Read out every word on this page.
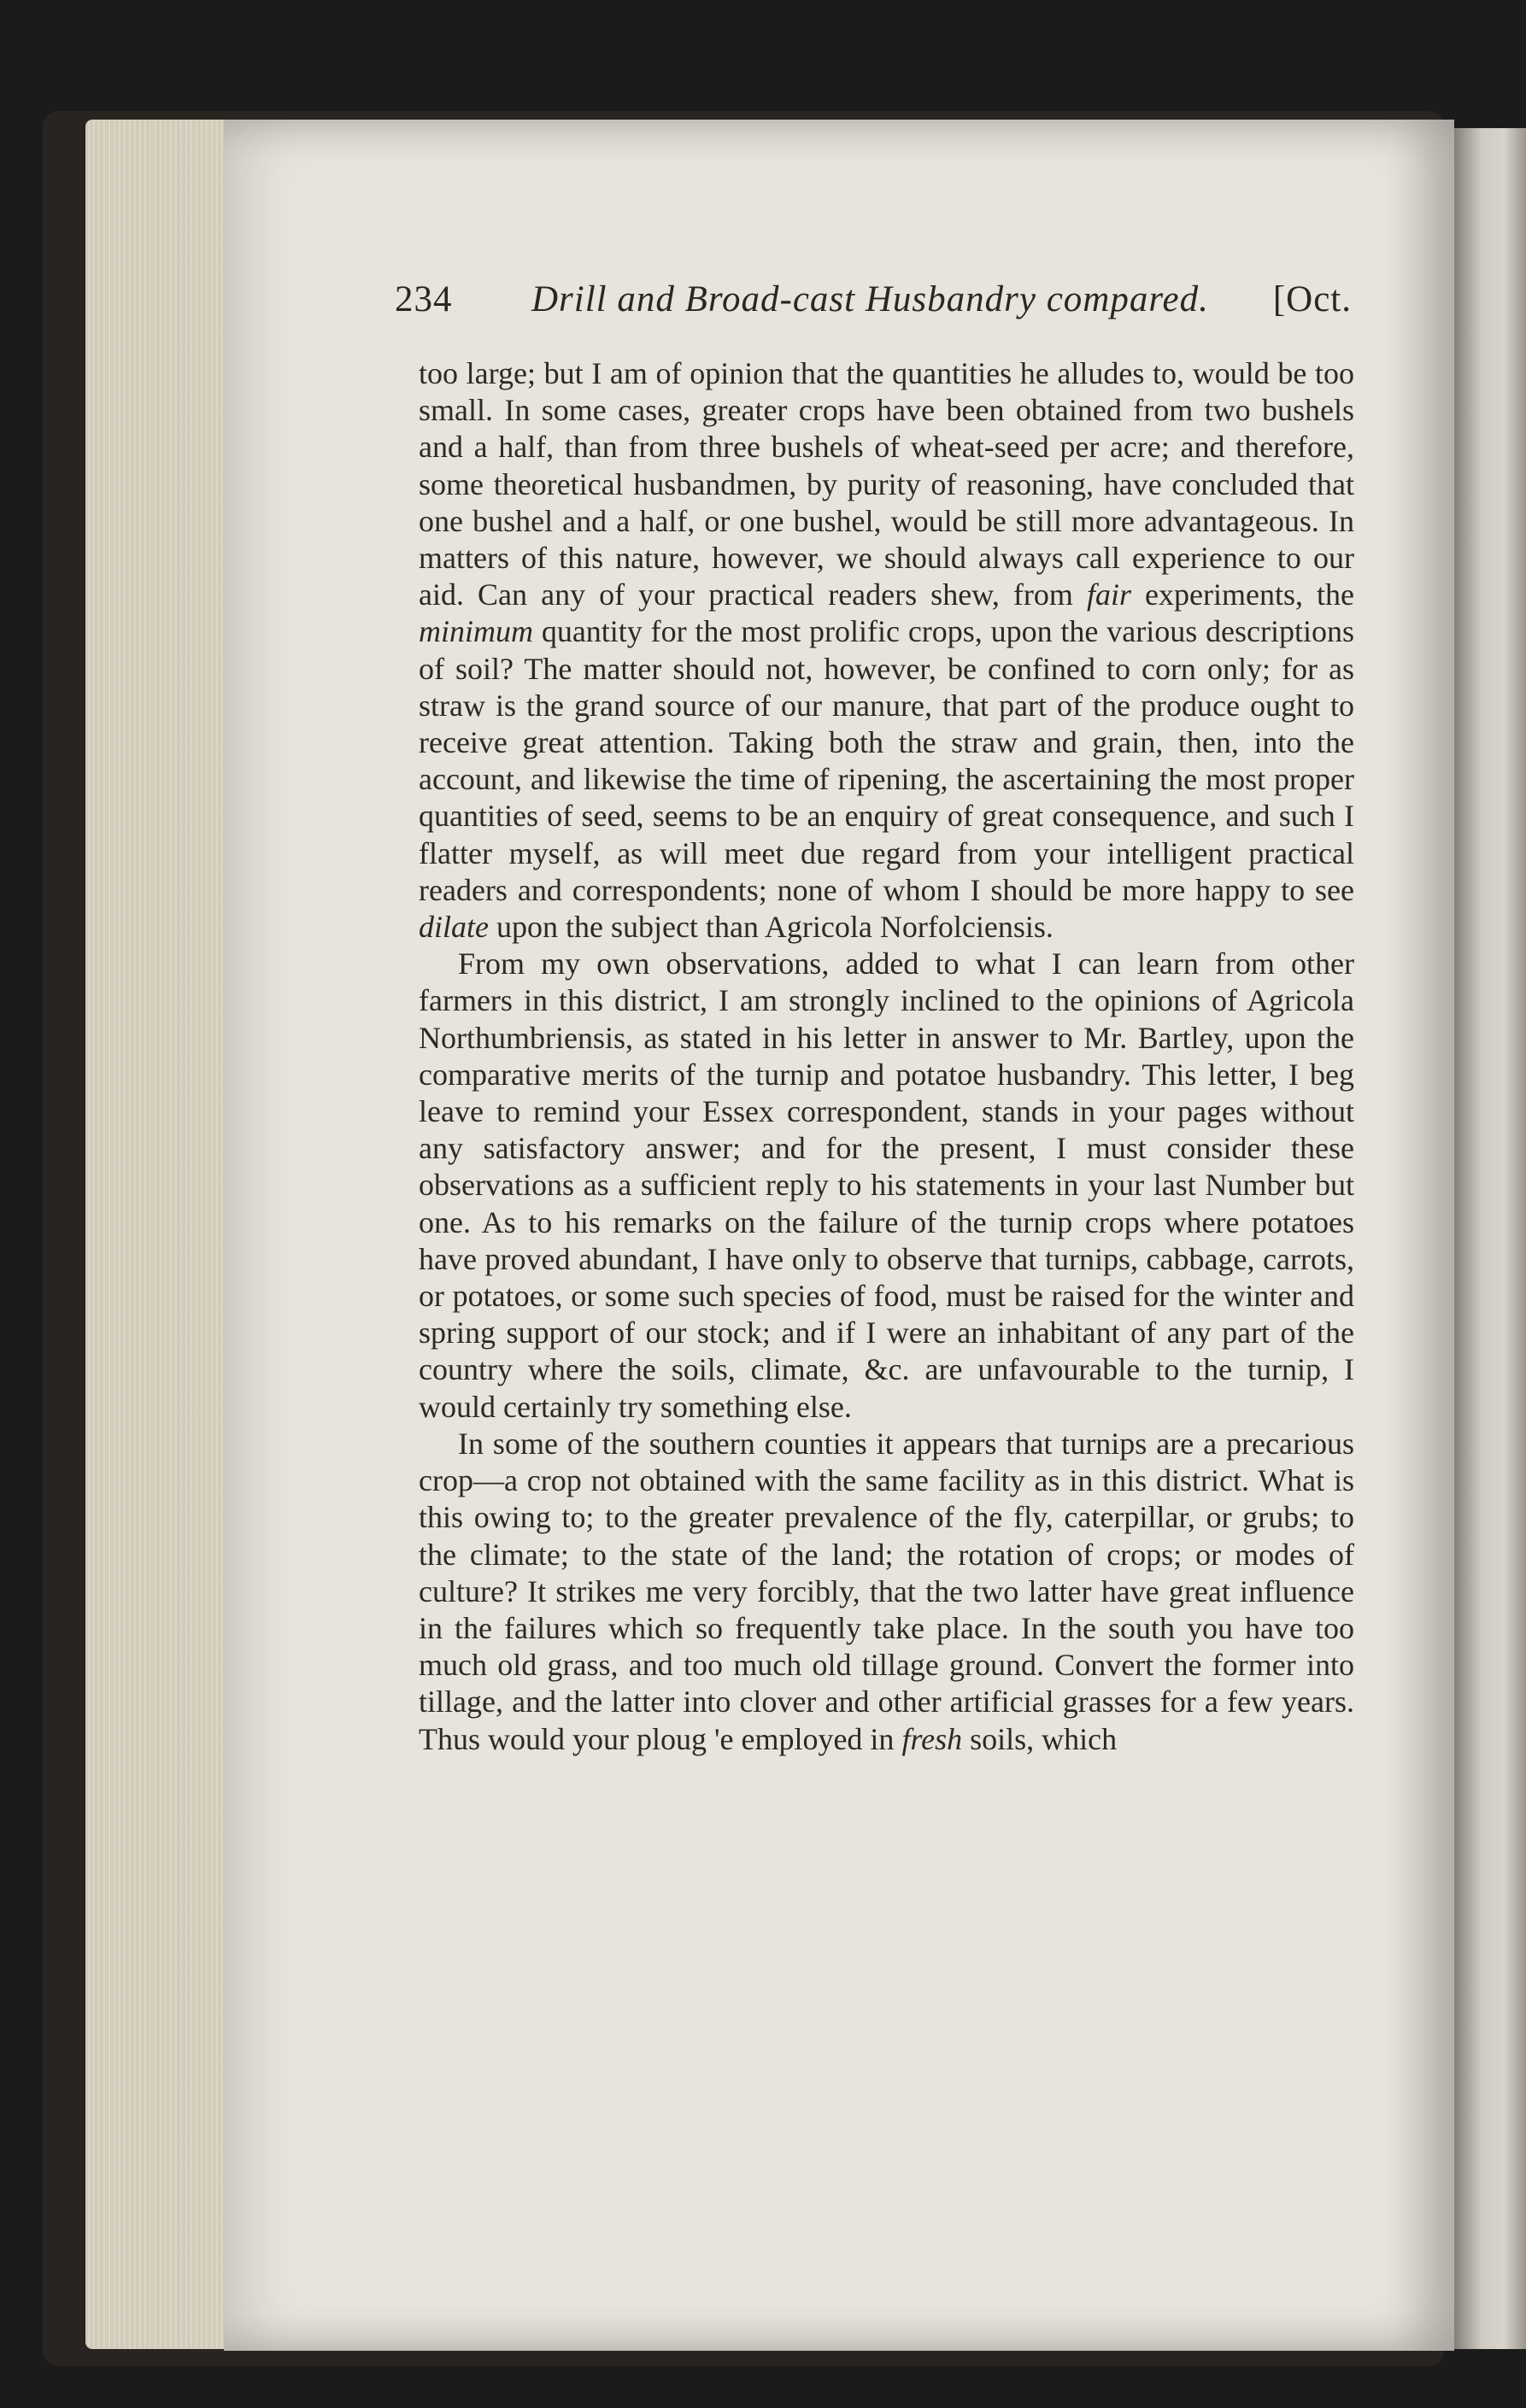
234 Drill and Broad-cast Husbandry compared. [Oct.

too large; but I am of opinion that the quantities he alludes to, would be too small. In some cases, greater crops have been obtained from two bushels and a half, than from three bushels of wheat-seed per acre; and therefore, some theoretical husbandmen, by purity of reasoning, have concluded that one bushel and a half, or one bushel, would be still more advantageous. In matters of this nature, however, we should always call experience to our aid. Can any of your practical readers shew, from fair experiments, the minimum quantity for the most prolific crops, upon the various descriptions of soil? The matter should not, however, be confined to corn only; for as straw is the grand source of our manure, that part of the produce ought to receive great attention. Taking both the straw and grain, then, into the account, and likewise the time of ripening, the ascertaining the most proper quantities of seed, seems to be an enquiry of great consequence, and such I flatter myself, as will meet due regard from your intelligent practical readers and correspondents; none of whom I should be more happy to see dilate upon the subject than Agricola Norfolciensis.

From my own observations, added to what I can learn from other farmers in this district, I am strongly inclined to the opinions of Agricola Northumbriensis, as stated in his letter in answer to Mr. Bartley, upon the comparative merits of the turnip and potatoe husbandry. This letter, I beg leave to remind your Essex correspondent, stands in your pages without any satisfactory answer; and for the present, I must consider these observations as a sufficient reply to his statements in your last Number but one. As to his remarks on the failure of the turnip crops where potatoes have proved abundant, I have only to observe that turnips, cabbage, carrots, or potatoes, or some such species of food, must be raised for the winter and spring support of our stock; and if I were an inhabitant of any part of the country where the soils, climate, &c. are unfavourable to the turnip, I would certainly try something else.

In some of the southern counties it appears that turnips are a precarious crop—a crop not obtained with the same facility as in this district. What is this owing to; to the greater prevalence of the fly, caterpillar, or grubs; to the climate; to the state of the land; the rotation of crops; or modes of culture? It strikes me very forcibly, that the two latter have great influence in the failures which so frequently take place. In the south you have too much old grass, and too much old tillage ground. Convert the former into tillage, and the latter into clover and other artificial grasses for a few years. Thus would your ploug 'e employed in fresh soils, which
